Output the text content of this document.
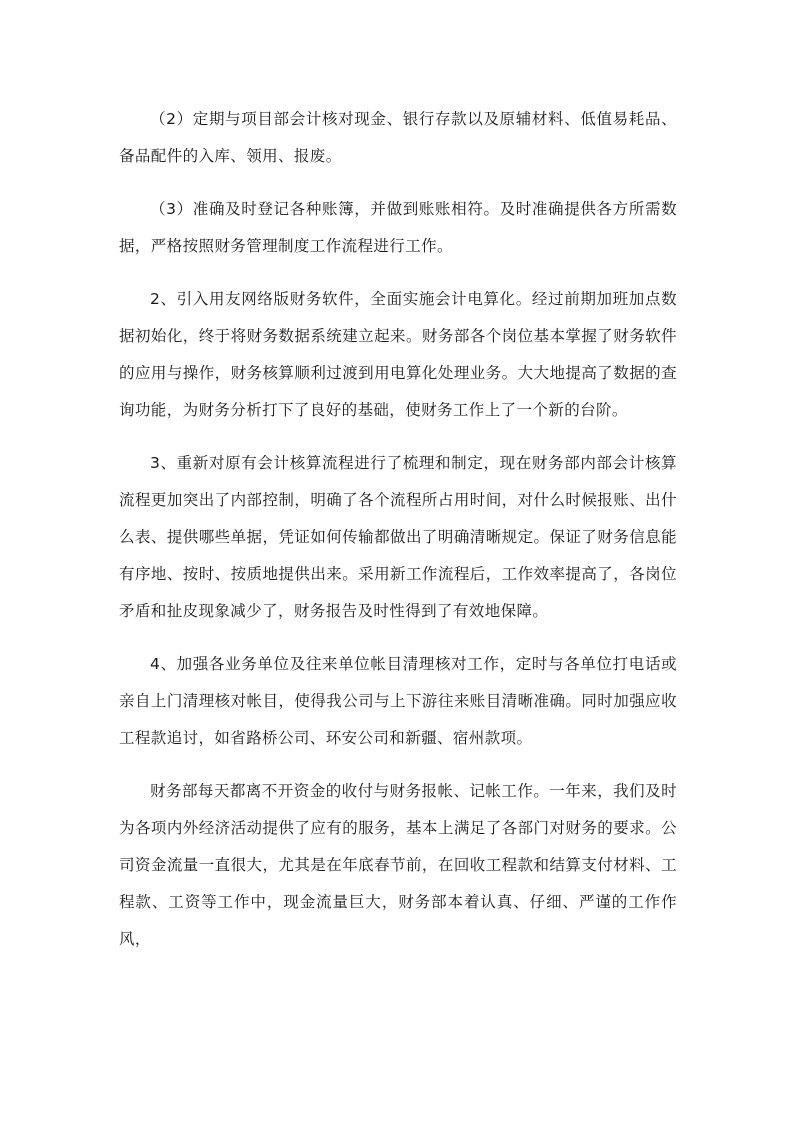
（2）定期与项目部会计核对现金、银行存款以及原辅材料、低值易耗品、备品配件的入库、领用、报废。

（3）准确及时登记各种账簿，并做到账账相符。及时准确提供各方所需数据，严格按照财务管理制度工作流程进行工作。

2、引入用友网络版财务软件，全面实施会计电算化。经过前期加班加点数据初始化，终于将财务数据系统建立起来。财务部各个岗位基本掌握了财务软件的应用与操作，财务核算顺利过渡到用电算化处理业务。大大地提高了数据的查询功能，为财务分析打下了良好的基础，使财务工作上了一个新的台阶。

3、重新对原有会计核算流程进行了梳理和制定，现在财务部内部会计核算流程更加突出了内部控制，明确了各个流程所占用时间，对什么时候报账、出什么表、提供哪些单据，凭证如何传输都做出了明确清晰规定。保证了财务信息能有序地、按时、按质地提供出来。采用新工作流程后，工作效率提高了，各岗位矛盾和扯皮现象减少了，财务报告及时性得到了有效地保障。

4、加强各业务单位及往来单位帐目清理核对工作，定时与各单位打电话或亲自上门清理核对帐目，使得我公司与上下游往来账目清晰准确。同时加强应收工程款追讨，如省路桥公司、环安公司和新疆、宿州款项。

财务部每天都离不开资金的收付与财务报帐、记帐工作。一年来，我们及时为各项内外经济活动提供了应有的服务，基本上满足了各部门对财务的要求。公司资金流量一直很大，尤其是在年底春节前，在回收工程款和结算支付材料、工程款、工资等工作中，现金流量巨大，财务部本着认真、仔细、严谨的工作作风，
